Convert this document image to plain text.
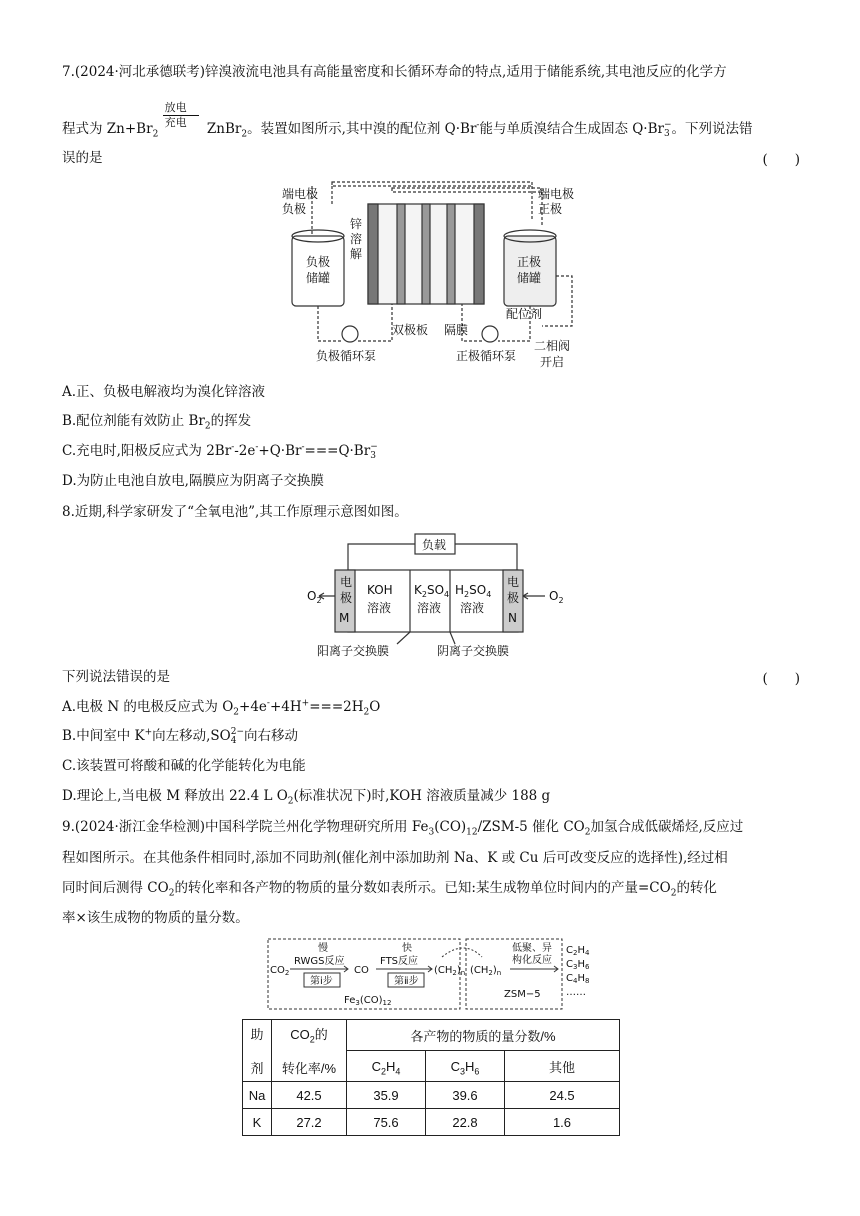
7.(2024·河北承德联考)锌溴液流电池具有高能量密度和长循环寿命的特点,适用于储能系统,其电池反应的化学方
程式为 $Zn+Br_2$
放电
充电 ZnBr$_2$。装置如图所示,其中溴的配位剂 Q·Br-能与单质溴结合生成固态 Q·Br −
3 。下列说法错
误的是	(　　)
端电极
负极
端电极
正极
负极
储罐
正极
储罐
锌
溶
解
双极板 隔膜
配位剂
负极循环泵	正极循环泵
二相阀
开启
A.正、负极电解液均为溴化锌溶液
B.配位剂能有效防止 $Br_2$的挥发
C.充电时,阳极反应式为 2Br--2e-+Q·Br-===Q·Br −
3
D.为防止电池自放电,隔膜应为阴离子交换膜
8.近期,科学家研发了“全氧电池”,其工作原理示意图如图。
负载
电
极
M
电
极
N
KOH
溶液
$K_2SO_4$
溶液
$H_2SO_4$
溶液
$O_2$	$O_2$
阳离子交换膜	阴离子交换膜
下列说法错误的是	(　　)
A.电极 N 的电极反应式为 $O_2+4e^-+4H^+===2H_2O$
B.中间室中 K+向左移动,SO 2−
4 向右移动
C.该装置可将酸和碱的化学能转化为电能
D.理论上,当电极 M 释放出 22.4 L $O_2$(标准状况下)时,KOH 溶液质量减少 188 g
9.(2024·浙江金华检测)中国科学院兰州化学物理研究所用 $Fe_3(CO)_{12}/ZSM-5$ 催化 $CO_2$加氢合成低碳烯烃,反应过
程如图所示。在其他条件相同时,添加不同助剂(催化剂中添加助剂 Na、K 或 Cu 后可改变反应的选择性),经过相
同时间后测得 $CO_2$的转化率和各产物的物质的量分数如表所示。已知:某生成物单位时间内的产量$=CO_2$的转化
率×该生成物的物质的量分数。
慢	快
RWGS反应	FTS反应
第ⅰ步	第ⅱ步
$CO_2$	CO	$(CH_2)_n$ $(CH_2)_n$
$Fe_3(CO)_{12}$
低聚、异
构化反应
ZSM−5
$C_2H_4$
$C_3H_6$
$C_4H_8$
……
助

剂	$CO_2$的

转化率/%	各产物的物质的量分数/%		
		$C_2H_4$	$C_3H_6$	其他
Na	42.5	35.9	39.6	24.5
K	27.2	75.6	22.8	1.6
